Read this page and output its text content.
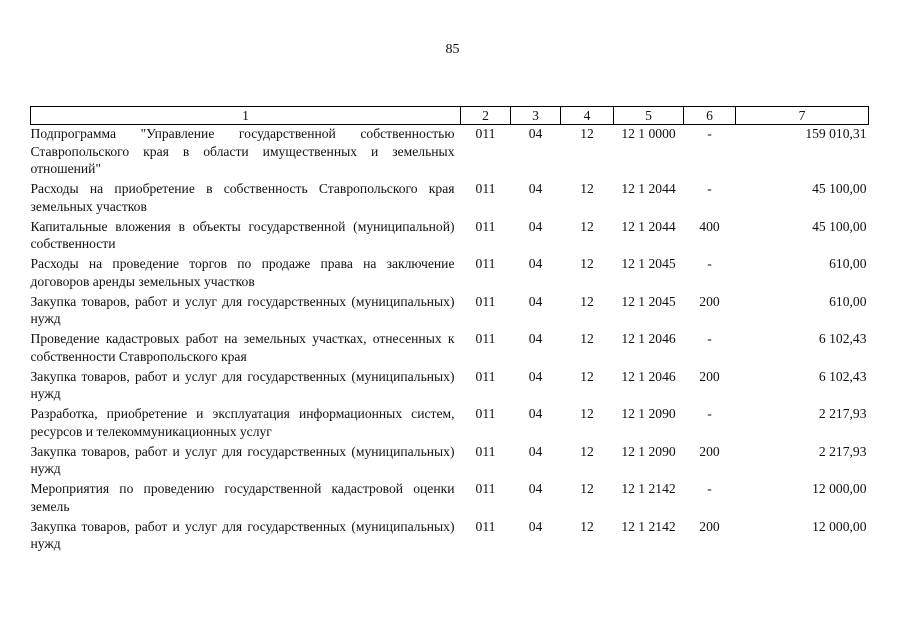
85
1	2	3	4	5	6	7
Подпрограмма "Управление государственной собственностью Ставропольского края в области имущественных и земельных отношений"	011	04	12	12 1 0000	-	159 010,31
Расходы на приобретение в собственность Ставропольского края земельных участков	011	04	12	12 1 2044	-	45 100,00
Капитальные вложения в объекты государственной (муниципальной) собственности	011	04	12	12 1 2044	400	45 100,00
Расходы на проведение торгов по продаже права на заключение договоров аренды земельных участков	011	04	12	12 1 2045	-	610,00
Закупка товаров, работ и услуг для государственных (муниципальных) нужд	011	04	12	12 1 2045	200	610,00
Проведение кадастровых работ на земельных участках, отнесенных к собственности Ставропольского края	011	04	12	12 1 2046	-	6 102,43
Закупка товаров, работ и услуг для государственных (муниципальных) нужд	011	04	12	12 1 2046	200	6 102,43
Разработка, приобретение и эксплуатация информационных систем, ресурсов и телекоммуникационных услуг	011	04	12	12 1 2090	-	2 217,93
Закупка товаров, работ и услуг для государственных (муниципальных) нужд	011	04	12	12 1 2090	200	2 217,93
Мероприятия по проведению государственной кадастровой оценки земель	011	04	12	12 1 2142	-	12 000,00
Закупка товаров, работ и услуг для государственных (муниципальных) нужд	011	04	12	12 1 2142	200	12 000,00
